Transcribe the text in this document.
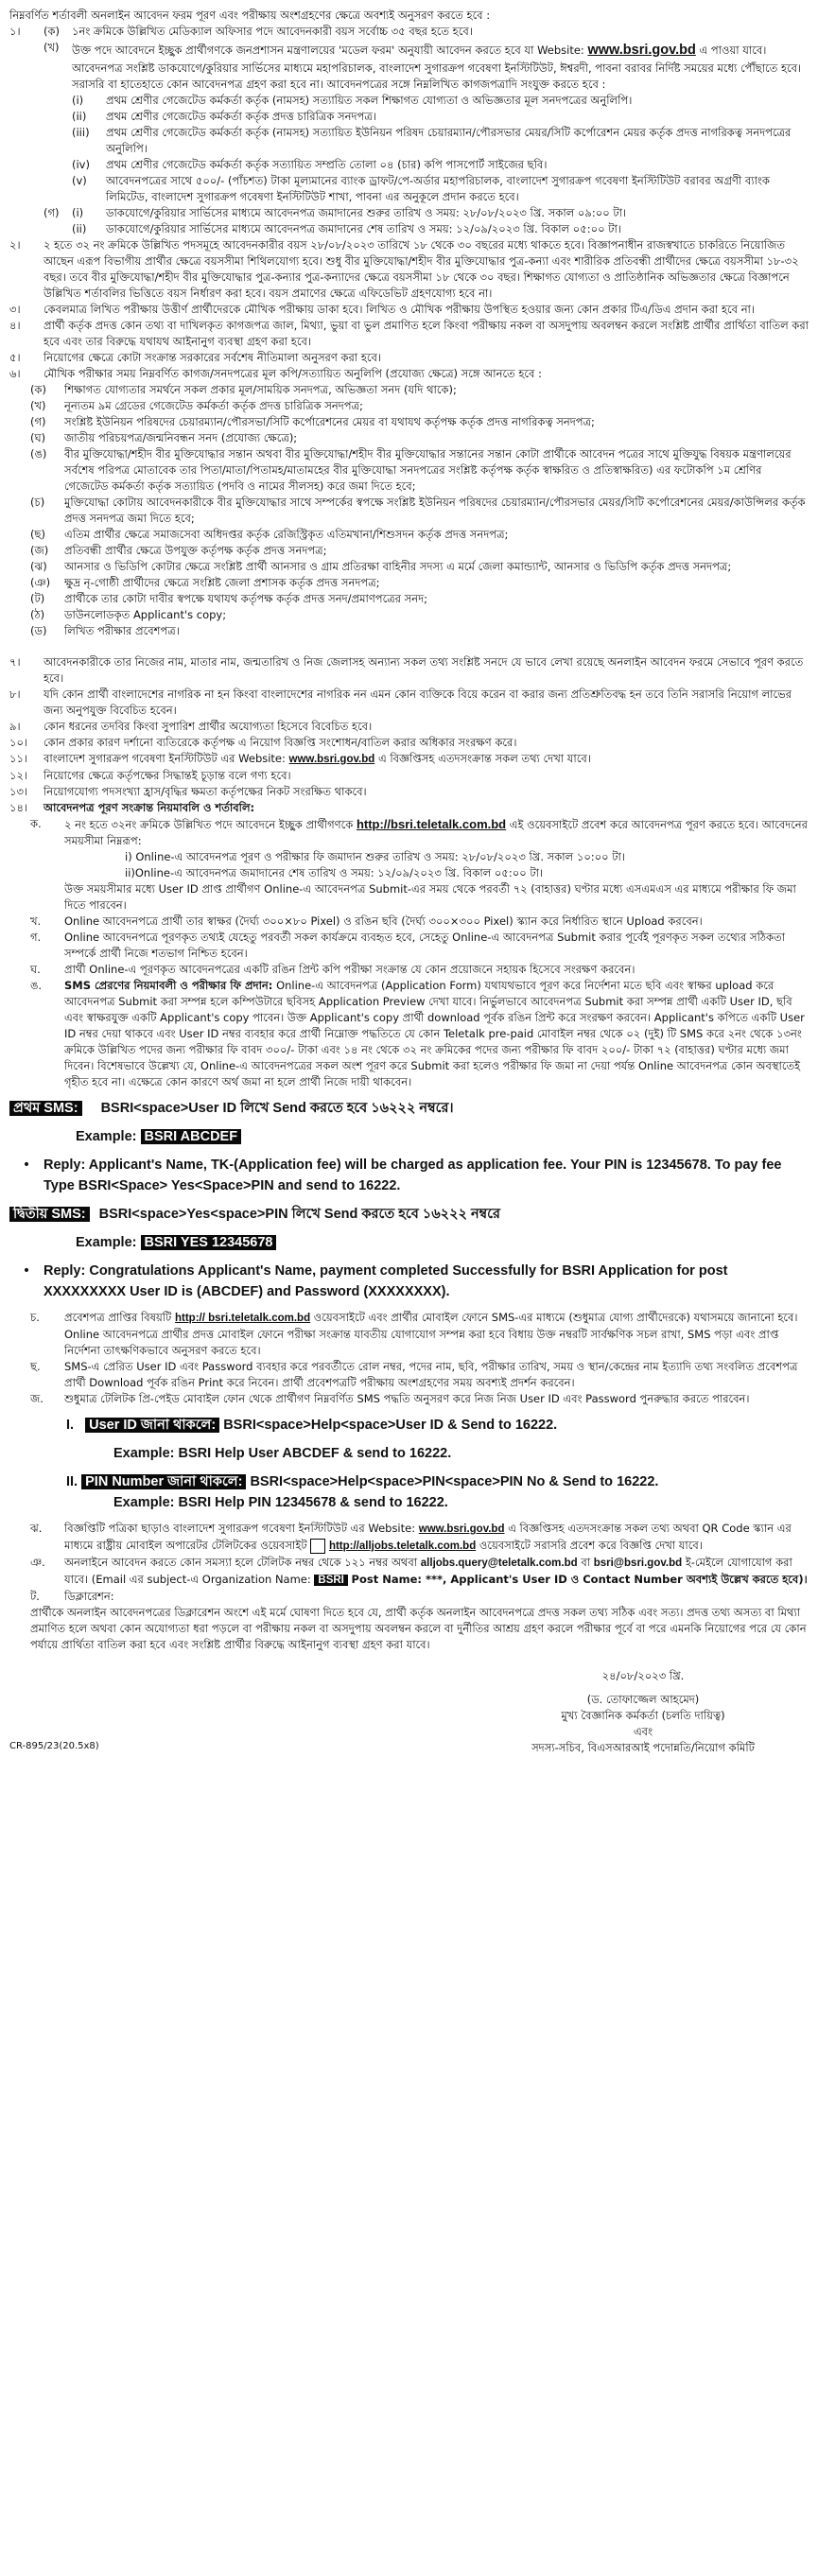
নিম্নবর্ণিত শর্তাবলী অনলাইন আবেদন ফরম পূরণ এবং পরীক্ষায় অংশগ্রহণের ক্ষেত্রে অবশ্যই অনুসরণ করতে হবে :

১।	(ক)	১নং ক্রমিকে উল্লিখিত মেডিক্যাল অফিসার পদে আবেদনকারী বয়স সর্বোচ্চ ৩৫ বছর হতে হবে।
(খ)	উক্ত পদে আবেদনে ইচ্ছুক প্রার্থীগণকে জনপ্রশাসন মন্ত্রণালয়ের 'মডেল ফরম' অনুযায়ী আবেদন করতে হবে যা Website: www.bsri.gov.bd এ পাওয়া যাবে। আবেদনপত্র সংশ্লিষ্ট ডাকযোগে/কুরিয়ার সার্ভিসের মাধ্যমে মহাপরিচালক, বাংলাদেশ সুগারক্রপ গবেষণা ইনস্টিটিউট, ঈশ্বরদী, পাবনা বরাবর নির্দিষ্ট সময়ের মধ্যে পৌঁছাতে হবে। সরাসরি বা হাতেহাতে কোন আবেদনপত্র গ্রহণ করা হবে না। আবেদনপত্রের সঙ্গে নিম্নলিখিত কাগজপত্রাদি সংযুক্ত করতে হবে :
(i)	প্রথম শ্রেণীর গেজেটেড কর্মকর্তা কর্তৃক (নামসহ) সত্যায়িত সকল শিক্ষাগত যোগ্যতা ও অভিজ্ঞতার মূল সনদপত্রের অনুলিপি।
(ii)	প্রথম শ্রেণীর গেজেটেড কর্মকর্তা কর্তৃক প্রদত্ত চারিত্রিক সনদপত্র।
(iii)	প্রথম শ্রেণীর গেজেটেড কর্মকর্তা কর্তৃক (নামসহ) সত্যায়িত ইউনিয়ন পরিষদ চেয়ারম্যান/পৌরসভার মেয়র/সিটি কর্পোরেশন মেয়র কর্তৃক প্রদত্ত নাগরিকত্ব সনদপত্রের অনুলিপি।
(iv)	প্রথম শ্রেণীর গেজেটেড কর্মকর্তা কর্তৃক সত্যায়িত সম্প্রতি তোলা ০৪ (চার) কপি পাসপোর্ট সাইজের ছবি।
(v)	আবেদনপত্রের সাথে ৫০০/- (পাঁচশত) টাকা মূল্যমানের ব্যাংক ড্রাফট/পে-অর্ডার মহাপরিচালক, বাংলাদেশ সুগারক্রপ গবেষণা ইনস্টিটিউট বরাবর অগ্রণী ব্যাংক লিমিটেড, বাংলাদেশ সুগারক্রপ গবেষণা ইনস্টিটিউট শাখা, পাবনা এর অনুকূলে প্রদান করতে হবে।
(গ)	(i)	ডাকযোগে/কুরিয়ার সার্ভিসের মাধ্যমে আবেদনপত্র জমাদানের শুরুর তারিখ ও সময়: ২৮/০৮/২০২৩ খ্রি. সকাল ০৯:০০ টা।
(ii)	ডাকযোগে/কুরিয়ার সার্ভিসের মাধ্যমে আবেদনপত্র জমাদানের শেষ তারিখ ও সময়: ১২/০৯/২০২৩ খ্রি. বিকাল ০৫:০০ টা।
২।	২ হতে ৩২ নং ক্রমিকে উল্লিখিত পদসমূহে আবেদনকারীর বয়স ২৮/০৮/২০২৩ তারিখে ১৮ থেকে ৩০ বছরের মধ্যে থাকতে হবে। বিজ্ঞাপনাধীন রাজস্বখাতে চাকরিতে নিয়োজিত আছেন এরূপ বিভাগীয় প্রার্থীর ক্ষেত্রে বয়সসীমা শিথিলযোগ্য হবে। শুধু বীর মুক্তিযোদ্ধা/শহীদ বীর মুক্তিযোদ্ধার পুত্র-কন্যা এবং শারীরিক প্রতিবন্ধী প্রার্থীদের ক্ষেত্রে বয়সসীমা ১৮-৩২ বছর। তবে বীর মুক্তিযোদ্ধা/শহীদ বীর মুক্তিযোদ্ধার পুত্র-কন্যার পুত্র-কন্যাদের ক্ষেত্রে বয়সসীমা ১৮ থেকে ৩০ বছর। শিক্ষাগত যোগ্যতা ও প্রাতিষ্ঠানিক অভিজ্ঞতার ক্ষেত্রে বিজ্ঞাপনে উল্লিখিত শর্তাবলির ভিত্তিতে বয়স নির্ধারণ করা হবে। বয়স প্রমাণের ক্ষেত্রে এফিডেভিট গ্রহণযোগ্য হবে না।
৩।	কেবলমাত্র লিখিত পরীক্ষায় উত্তীর্ণ প্রার্থীদেরকে মৌখিক পরীক্ষায় ডাকা হবে। লিখিত ও মৌখিক পরীক্ষায় উপস্থিত হওয়ার জন্য কোন প্রকার টিএ/ডিএ প্রদান করা হবে না।
৪।	প্রার্থী কর্তৃক প্রদত্ত কোন তথ্য বা দাখিলকৃত কাগজপত্র জাল, মিথ্যা, ভুয়া বা ভুল প্রমাণিত হলে কিংবা পরীক্ষায় নকল বা অসদুপায় অবলম্বন করলে সংশ্লিষ্ট প্রার্থীর প্রার্থিতা বাতিল করা হবে এবং তার বিরুদ্ধে যথাযথ আইনানুগ ব্যবস্থা গ্রহণ করা হবে।
৫।	নিয়োগের ক্ষেত্রে কোটা সংক্রান্ত সরকারের সর্বশেষ নীতিমালা অনুসরণ করা হবে।
৬।	মৌখিক পরীক্ষার সময় নিম্নবর্ণিত কাগজ/সনদপত্রের মূল কপি/সত্যায়িত অনুলিপি (প্রযোজ্য ক্ষেত্রে) সঙ্গে আনতে হবে :
(ক)	শিক্ষাগত যোগ্যতার সমর্থনে সকল প্রকার মূল/সাময়িক সনদপত্র, অভিজ্ঞতা সনদ (যদি থাকে);
(খ)	নূন্যতম ৯ম গ্রেডের গেজেটেড কর্মকর্তা কর্তৃক প্রদত্ত চারিত্রিক সনদপত্র;
(গ)	সংশ্লিষ্ট ইউনিয়ন পরিষদের চেয়ারম্যান/পৌরসভা/সিটি কর্পোরেশনের মেয়র বা যথাযথ কর্তৃপক্ষ কর্তৃক প্রদত্ত নাগরিকত্ব সনদপত্র;
(ঘ)	জাতীয় পরিচয়পত্র/জন্মনিবন্ধন সনদ (প্রযোজ্য ক্ষেত্রে);
(ঙ)	বীর মুক্তিযোদ্ধা/শহীদ বীর মুক্তিযোদ্ধার সন্তান অথবা বীর মুক্তিযোদ্ধা/শহীদ বীর মুক্তিযোদ্ধার সন্তানের সন্তান কোটা প্রার্থীকে আবেদন পত্রের সাথে মুক্তিযুদ্ধ বিষয়ক মন্ত্রণালয়ের সর্বশেষ পরিপত্র মোতাবেক তার পিতা/মাতা/পিতামহ/মাতামহের বীর মুক্তিযোদ্ধা সনদপত্রের সংশ্লিষ্ট কর্তৃপক্ষ কর্তৃক স্বাক্ষরিত ও প্রতিস্বাক্ষরিত) এর ফটোকপি ১ম শ্রেণির গেজেটেড কর্মকর্তা কর্তৃক সত্যায়িত (পদবি ও নামের সীলসহ) করে জমা দিতে হবে;
(চ)	মুক্তিযোদ্ধা কোটায় আবেদনকারীকে বীর মুক্তিযোদ্ধার সাথে সম্পর্কের স্বপক্ষে সংশ্লিষ্ট ইউনিয়ন পরিষদের চেয়ারম্যান/পৌরসভার মেয়র/সিটি কর্পোরেশনের মেয়র/কাউন্সিলর কর্তৃক প্রদত্ত সনদপত্র জমা দিতে হবে;
(ছ)	এতিম প্রার্থীর ক্ষেত্রে সমাজসেবা অধিদপ্তর কর্তৃক রেজিস্ট্রিকৃত এতিমখানা/শিশুসদন কর্তৃক প্রদত্ত সনদপত্র;
(জ)	প্রতিবন্ধী প্রার্থীর ক্ষেত্রে উপযুক্ত কর্তৃপক্ষ কর্তৃক প্রদত্ত সনদপত্র;
(ঝ)	আনসার ও ভিডিপি কোটার ক্ষেত্রে সংশ্লিষ্ট প্রার্থী আনসার ও গ্রাম প্রতিরক্ষা বাহিনীর সদস্য এ মর্মে জেলা কমান্ড্যান্ট, আনসার ও ভিডিপি কর্তৃক প্রদত্ত সনদপত্র;
(ঞ)	ক্ষুদ্র নৃ-গোষ্ঠী প্রার্থীদের ক্ষেত্রে সংশ্লিষ্ট জেলা প্রশাসক কর্তৃক প্রদত্ত সনদপত্র;
(ট)	প্রার্থীকে তার কোটা দাবীর স্বপক্ষে যথাযথ কর্তৃপক্ষ কর্তৃক প্রদত্ত সনদ/প্রমাণপত্রের সনদ;
(ঠ)	ডাউনলোডকৃত Applicant's copy;
(ড)	লিখিত পরীক্ষার প্রবেশপত্র।
৭।	আবেদনকারীকে তার নিজের নাম, মাতার নাম, জন্মতারিখ ও নিজ জেলাসহ অন্যান্য সকল তথ্য সংশ্লিষ্ট সনদে যে ভাবে লেখা রয়েছে অনলাইন আবেদন ফরমে সেভাবে পূরণ করতে হবে।
৮।	যদি কোন প্রার্থী বাংলাদেশের নাগরিক না হন কিংবা বাংলাদেশের নাগরিক নন এমন কোন ব্যক্তিকে বিয়ে করেন বা করার জন্য প্রতিশ্রুতিবদ্ধ হন তবে তিনি সরাসরি নিয়োগ লাভের জন্য অনুপযুক্ত বিবেচিত হবেন।
৯।	কোন ধরনের তদবির কিংবা সুপারিশ প্রার্থীর অযোগ্যতা হিসেবে বিবেচিত হবে।
১০।	কোন প্রকার কারণ দর্শানো ব্যতিরেকে কর্তৃপক্ষ এ নিয়োগ বিজ্ঞপ্তি সংশোধন/বাতিল করার অধিকার সংরক্ষণ করে।
১১।	বাংলাদেশ সুগারক্রপ গবেষণা ইনস্টিটিউট এর Website: www.bsri.gov.bd এ বিজ্ঞপ্তিসহ এতদসংক্রান্ত সকল তথ্য দেখা যাবে।
১২।	নিয়োগের ক্ষেত্রে কর্তৃপক্ষের সিদ্ধান্তই চূড়ান্ত বলে গণ্য হবে।
১৩।	নিয়োগযোগ্য পদসংখ্যা হ্রাস/বৃদ্ধির ক্ষমতা কর্তৃপক্ষের নিকট সংরক্ষিত থাকবে।
১৪।	আবেদনপত্র পূরণ সংক্রান্ত নিয়মাবলি ও শর্তাবলি:
ক.	২ নং হতে ৩২নং ক্রমিকে উল্লিখিত পদে আবেদনে ইচ্ছুক প্রার্থীগণকে http://bsri.teletalk.com.bd এই ওয়েবসাইটে প্রবেশ করে আবেদনপত্র পূরণ করতে হবে। আবেদনের সময়সীমা নিম্নরূপ:
i) Online-এ আবেদনপত্র পূরণ ও পরীক্ষার ফি জমাদান শুরুর তারিখ ও সময়: ২৮/০৮/২০২৩ খ্রি. সকাল ১০:০০ টা।
ii)Online-এ আবেদনপত্র জমাদানের শেষ তারিখ ও সময়: ১২/০৯/২০২৩ খ্রি. বিকাল ০৫:০০ টা।
উক্ত সময়সীমার মধ্যে User ID প্রাপ্ত প্রার্থীগণ Online-এ আবেদনপত্র Submit-এর সময় থেকে পরবর্তী ৭২ (বাহাত্তর) ঘণ্টার মধ্যে এসএমএস এর মাধ্যমে পরীক্ষার ফি জমা দিতে পারবেন।
খ.	Online আবেদনপত্রে প্রার্থী তার স্বাক্ষর (দৈর্ঘ্য ৩০০×৮০ Pixel) ও রঙিন ছবি (দৈর্ঘ্য ৩০০×৩০০ Pixel) স্ক্যান করে নির্ধারিত স্থানে Upload করবেন।
গ.	Online আবেদনপত্রে পূরণকৃত তথ্যই যেহেতু পরবর্তী সকল কার্যক্রমে ব্যবহৃত হবে, সেহেতু Online-এ আবেদনপত্র Submit করার পূর্বেই পূরণকৃত সকল তথ্যের সঠিকতা সম্পর্কে প্রার্থী নিজে শতভাগ নিশ্চিত হবেন।
ঘ.	প্রার্থী Online-এ পূরণকৃত আবেদনপত্রের একটি রঙিন প্রিন্ট কপি পরীক্ষা সংক্রান্ত যে কোন প্রয়োজনে সহায়ক হিসেবে সংরক্ষণ করবেন।
ঙ.	SMS প্রেরণের নিয়মাবলী ও পরীক্ষার ফি প্রদান: Online-এ আবেদনপত্র (Application Form) যথাযথভাবে পূরণ করে নির্দেশনা মতে ছবি এবং স্বাক্ষর upload করে আবেদনপত্র Submit করা সম্পন্ন হলে কম্পিউটারে ছবিসহ Application Preview দেখা যাবে। নির্ভুলভাবে আবেদনপত্র Submit করা সম্পন্ন প্রার্থী একটি User ID, ছবি এবং স্বাক্ষরযুক্ত একটি Applicant's copy পাবেন। উক্ত Applicant's copy প্রার্থী download পূর্বক রঙিন প্রিন্ট করে সংরক্ষণ করবেন। Applicant's কপিতে একটি User ID নম্বর দেয়া থাকবে এবং User ID নম্বর ব্যবহার করে প্রার্থী নিম্নোক্ত পদ্ধতিতে যে কোন Teletalk pre-paid মোবাইল নম্বর থেকে ০২ (দুই) টি SMS করে ২নং থেকে ১৩নং ক্রমিকে উল্লিখিত পদের জন্য পরীক্ষার ফি বাবদ ৩০০/- টাকা এবং ১৪ নং থেকে ৩২ নং ক্রমিকের পদের জন্য পরীক্ষার ফি বাবদ ২০০/- টাকা ৭২ (বাহাত্তর) ঘণ্টার মধ্যে জমা দিবেন। বিশেষভাবে উল্লেখ্য যে, Online-এ আবেদনপত্রের সকল অংশ পূরণ করে Submit করা হলেও পরীক্ষার ফি জমা না দেয়া পর্যন্ত Online আবেদনপত্র কোন অবস্থাতেই গৃহীত হবে না। এক্ষেত্রে কোন কারণে অর্থ জমা না হলে প্রার্থী নিজে দায়ী থাকবেন।
প্রথম SMS: BSRI<space>User ID লিখে Send করতে হবে ১৬২২২ নম্বরে।
Example: BSRI ABCDEF
• Reply: Applicant's Name, TK-(Application fee) will be charged as application fee. Your PIN is 12345678. To pay fee Type BSRI<Space> Yes<Space>PIN and send to 16222.
দ্বিতীয় SMS: BSRI<space>Yes<space>PIN লিখে Send করতে হবে ১৬২২২ নম্বরে
Example: BSRI YES 12345678
• Reply: Congratulations Applicant's Name, payment completed Successfully for BSRI Application for post XXXXXXXXX User ID is (ABCDEF) and Password (XXXXXXXX).
চ.	প্রবেশপত্র প্রাপ্তির বিষয়টি http:// bsri.teletalk.com.bd ওয়েবসাইটে এবং প্রার্থীর মোবাইল ফোনে SMS-এর মাধ্যমে (শুধুমাত্র যোগ্য প্রার্থীদেরকে) যথাসময়ে জানানো হবে। Online আবেদনপত্রে প্রার্থীর প্রদত্ত মোবাইল ফোনে পরীক্ষা সংক্রান্ত যাবতীয় যোগাযোগ সম্পন্ন করা হবে বিধায় উক্ত নম্বরটি সার্বক্ষণিক সচল রাখা, SMS পড়া এবং প্রাপ্ত নির্দেশনা তাৎক্ষণিকভাবে অনুসরণ করতে হবে।
ছ.	SMS-এ প্রেরিত User ID এবং Password ব্যবহার করে পরবর্তীতে রোল নম্বর, পদের নাম, ছবি, পরীক্ষার তারিখ, সময় ও স্থান/কেন্দ্রের নাম ইত্যাদি তথ্য সংবলিত প্রবেশপত্র প্রার্থী Download পূর্বক রঙিন Print করে নিবেন। প্রার্থী প্রবেশপত্রটি পরীক্ষায় অংশগ্রহণের সময় অবশ্যই প্রদর্শন করবেন।
জ.	শুধুমাত্র টেলিটক প্রি-পেইড মোবাইল ফোন থেকে প্রার্থীগণ নিম্নবর্ণিত SMS পদ্ধতি অনুসরণ করে নিজ নিজ User ID এবং Password পুনরুদ্ধার করতে পারবেন।
I. User ID জানা থাকলে: BSRI<space>Help<space>User ID & Send to 16222.
Example: BSRI Help User ABCDEF & send to 16222.
II. PIN Number জানা থাকলে: BSRI<space>Help<space>PIN<space>PIN No & Send to 16222.
Example: BSRI Help PIN 12345678 & send to 16222.
ঝ.	বিজ্ঞপ্তিটি পত্রিকা ছাড়াও বাংলাদেশ সুগারক্রপ গবেষণা ইনস্টিটিউট এর Website: www.bsri.gov.bd এ বিজ্ঞপ্তিসহ এতদসংক্রান্ত সকল তথ্য অথবা QR Code স্ক্যান এর মাধ্যমে রাষ্ট্রীয় মোবাইল অপারেটর টেলিটকের ওয়েবসাইট http://alljobs.teletalk.com.bd ওয়েবসাইটে সরাসরি প্রবেশ করে বিজ্ঞপ্তি দেখা যাবে।
ঞ.	অনলাইনে আবেদন করতে কোন সমস্যা হলে টেলিটক নম্বর থেকে ১২১ নম্বর অথবা alljobs.query@teletalk.com.bd বা bsri@bsri.gov.bd ই-মেইলে যোগাযোগ করা যাবে। (Email এর subject-এ Organization Name: BSRI Post Name: ***, Applicant's User ID ও Contact Number অবশ্যই উল্লেখ করতে হবে)।
ট.	ডিক্লারেশন:
প্রার্থীকে অনলাইন আবেদনপত্রের ডিক্লারেশন অংশে এই মর্মে ঘোষণা দিতে হবে যে, প্রার্থী কর্তৃক অনলাইন আবেদনপত্রে প্রদত্ত সকল তথ্য সঠিক এবং সত্য। প্রদত্ত তথ্য অসত্য বা মিথ্যা প্রমাণিত হলে অথবা কোন অযোগ্যতা ধরা পড়লে বা পরীক্ষায় নকল বা অসদুপায় অবলম্বন করলে বা দুর্নীতির আশ্রয় গ্রহণ করলে পরীক্ষার পূর্বে বা পরে এমনকি নিয়োগের পরে যে কোন পর্যায়ে প্রার্থিতা বাতিল করা হবে এবং সংশ্লিষ্ট প্রার্থীর বিরুদ্ধে আইনানুগ ব্যবস্থা গ্রহণ করা যাবে।
২৪/০৮/২০২৩ খ্রি.
(ড. তোফাজ্জেল আহমেদ)
মুখ্য বৈজ্ঞানিক কর্মকর্তা (চলতি দায়িত্ব)
এবং
সদস্য-সচিব, বিএসআরআই পদোন্নতি/নিয়োগ কমিটি
CR-895/23(20.5x8)
